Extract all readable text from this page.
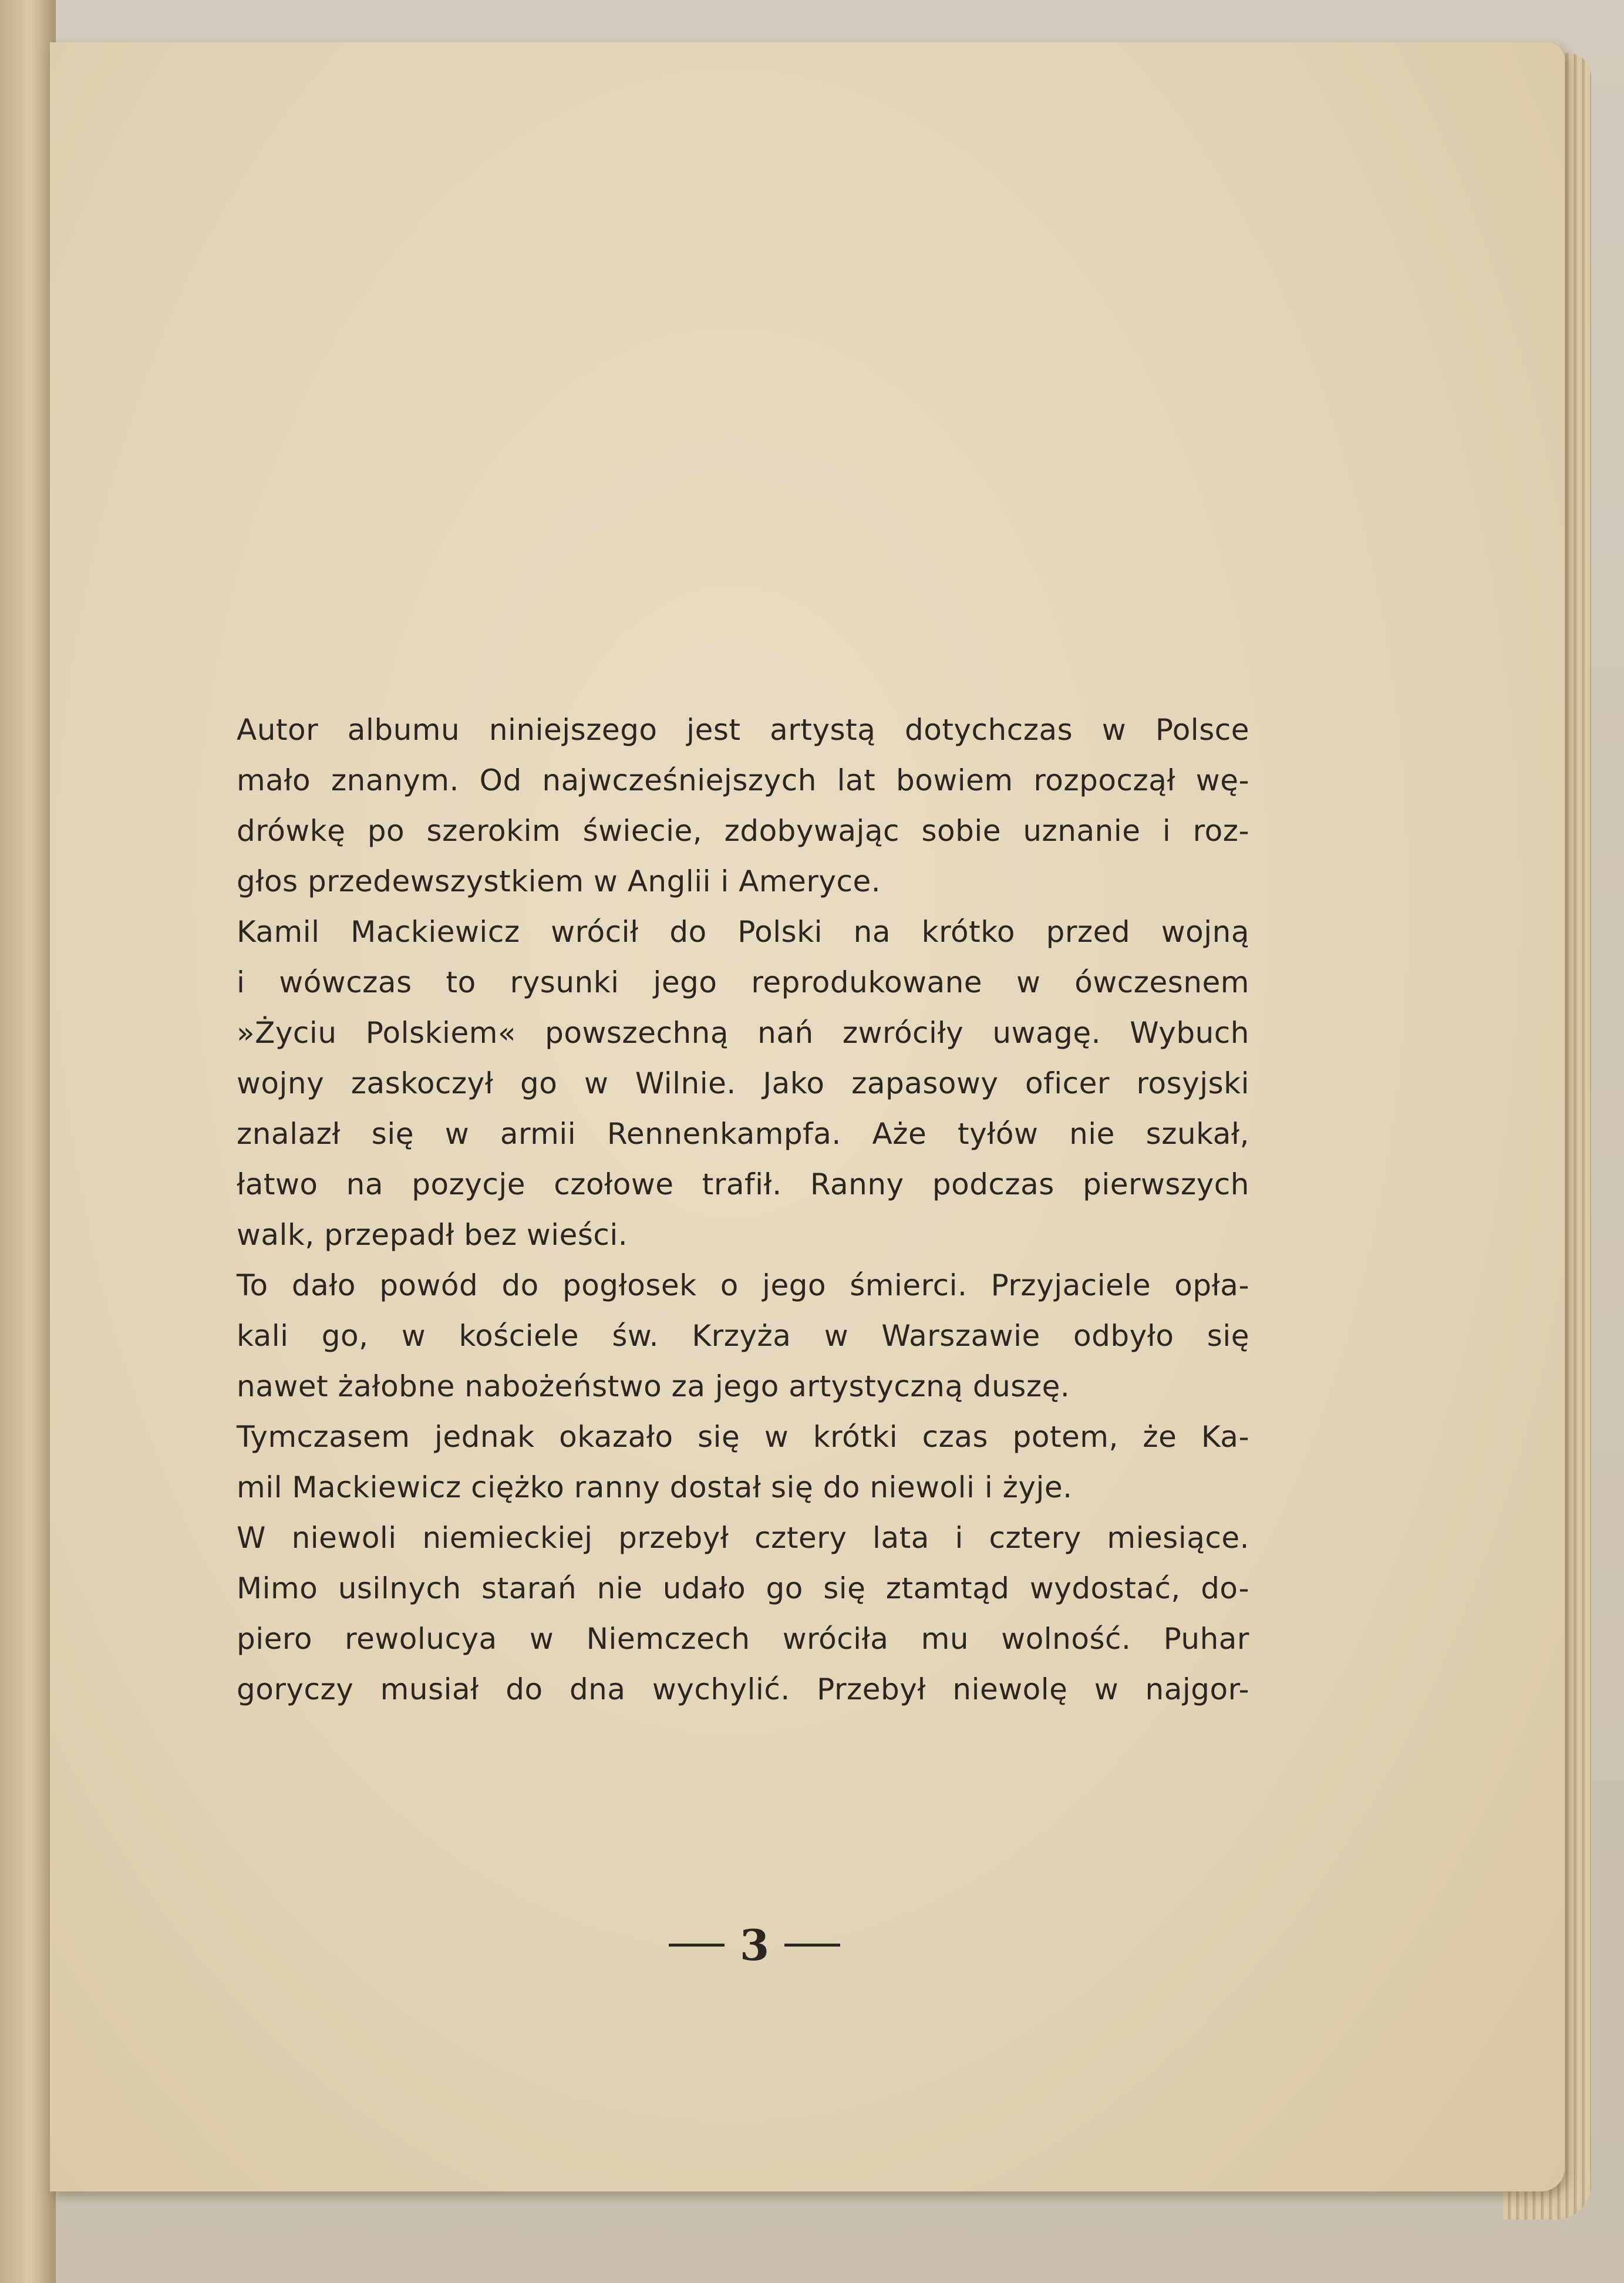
Autor albumu niniejszego jest artystą dotychczas w Polsce
mało znanym. Od najwcześniejszych lat bowiem rozpoczął wę-
drówkę po szerokim świecie, zdobywając sobie uznanie i roz-
głos przedewszystkiem w Anglii i Ameryce.
Kamil Mackiewicz wrócił do Polski na krótko przed wojną
i wówczas to rysunki jego reprodukowane w ówczesnem
»Życiu Polskiem« powszechną nań zwróciły uwagę. Wybuch
wojny zaskoczył go w Wilnie. Jako zapasowy oficer rosyjski
znalazł się w armii Rennenkampfa. Aże tyłów nie szukał,
łatwo na pozycje czołowe trafił. Ranny podczas pierwszych
walk, przepadł bez wieści.
To dało powód do pogłosek o jego śmierci. Przyjaciele opła-
kali go, w kościele św. Krzyża w Warszawie odbyło się
nawet żałobne nabożeństwo za jego artystyczną duszę.
Tymczasem jednak okazało się w krótki czas potem, że Ka-
mil Mackiewicz ciężko ranny dostał się do niewoli i żyje.
W niewoli niemieckiej przebył cztery lata i cztery miesiące.
Mimo usilnych starań nie udało go się ztamtąd wydostać, do-
piero rewolucya w Niemczech wróciła mu wolność. Puhar
goryczy musiał do dna wychylić. Przebył niewolę w najgor-
3
